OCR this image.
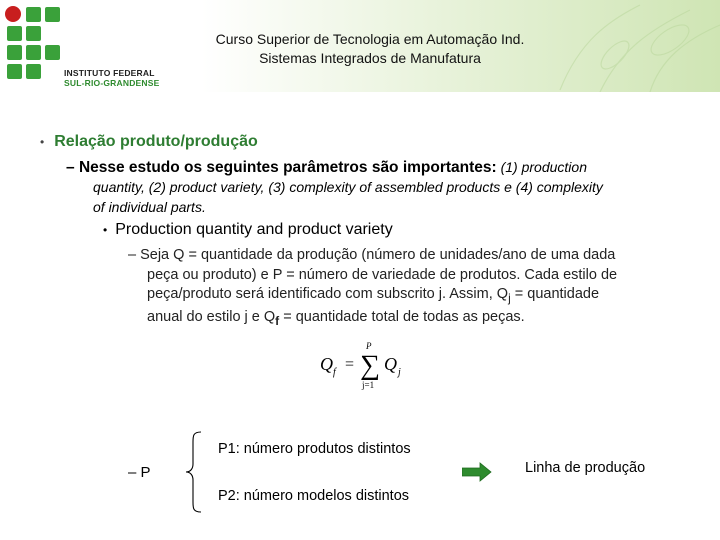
INSTITUTO FEDERAL
SUL-RIO-GRANDENSE
Curso Superior de Tecnologia em Automação Ind.
Sistemas Integrados de Manufatura
• Relação produto/produção
– Nesse estudo os seguintes parâmetros são importantes: (1) production
quantity, (2) product variety, (3) complexity of assembled products e (4) complexity
of individual parts.
• Production quantity and product variety
– Seja Q = quantidade da produção (número de unidades/ano de uma dada
peça ou produto) e P = número de variedade de produtos. Cada estilo de
peça/produto será identificado com subscrito j. Assim, $Q_j$ = quantidade
anual do estilo j e $Q_f$ = quantidade total de todas as peças.
Q f =
P
∑
j=1
Q j
– P
P1: número produtos distintos
P2: número modelos distintos
Linha de produção
